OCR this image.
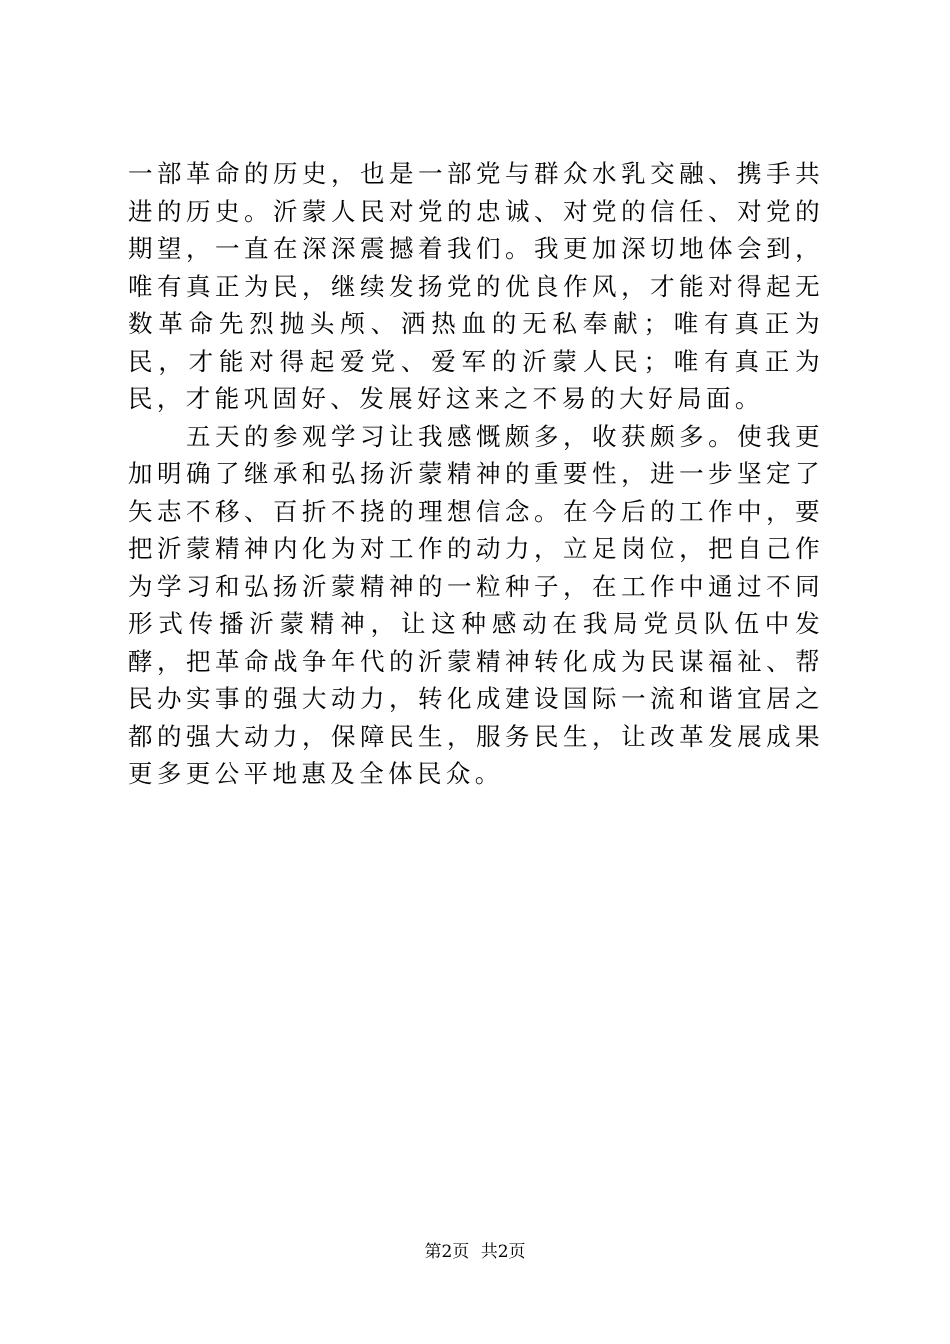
一部革命的历史，也是一部党与群众水乳交融、携手共进的历史。沂蒙人民对党的忠诚、对党的信任、对党的期望，一直在深深震撼着我们。我更加深切地体会到，唯有真正为民，继续发扬党的优良作风，才能对得起无数革命先烈抛头颅、洒热血的无私奉献；唯有真正为民，才能对得起爱党、爱军的沂蒙人民；唯有真正为民，才能巩固好、发展好这来之不易的大好局面。

五天的参观学习让我感慨颇多，收获颇多。使我更加明确了继承和弘扬沂蒙精神的重要性，进一步坚定了矢志不移、百折不挠的理想信念。在今后的工作中，要把沂蒙精神内化为对工作的动力，立足岗位，把自己作为学习和弘扬沂蒙精神的一粒种子，在工作中通过不同形式传播沂蒙精神，让这种感动在我局党员队伍中发酵，把革命战争年代的沂蒙精神转化成为民谋福祉、帮民办实事的强大动力，转化成建设国际一流和谐宜居之都的强大动力，保障民生，服务民生，让改革发展成果更多更公平地惠及全体民众。

第2页 共2页
